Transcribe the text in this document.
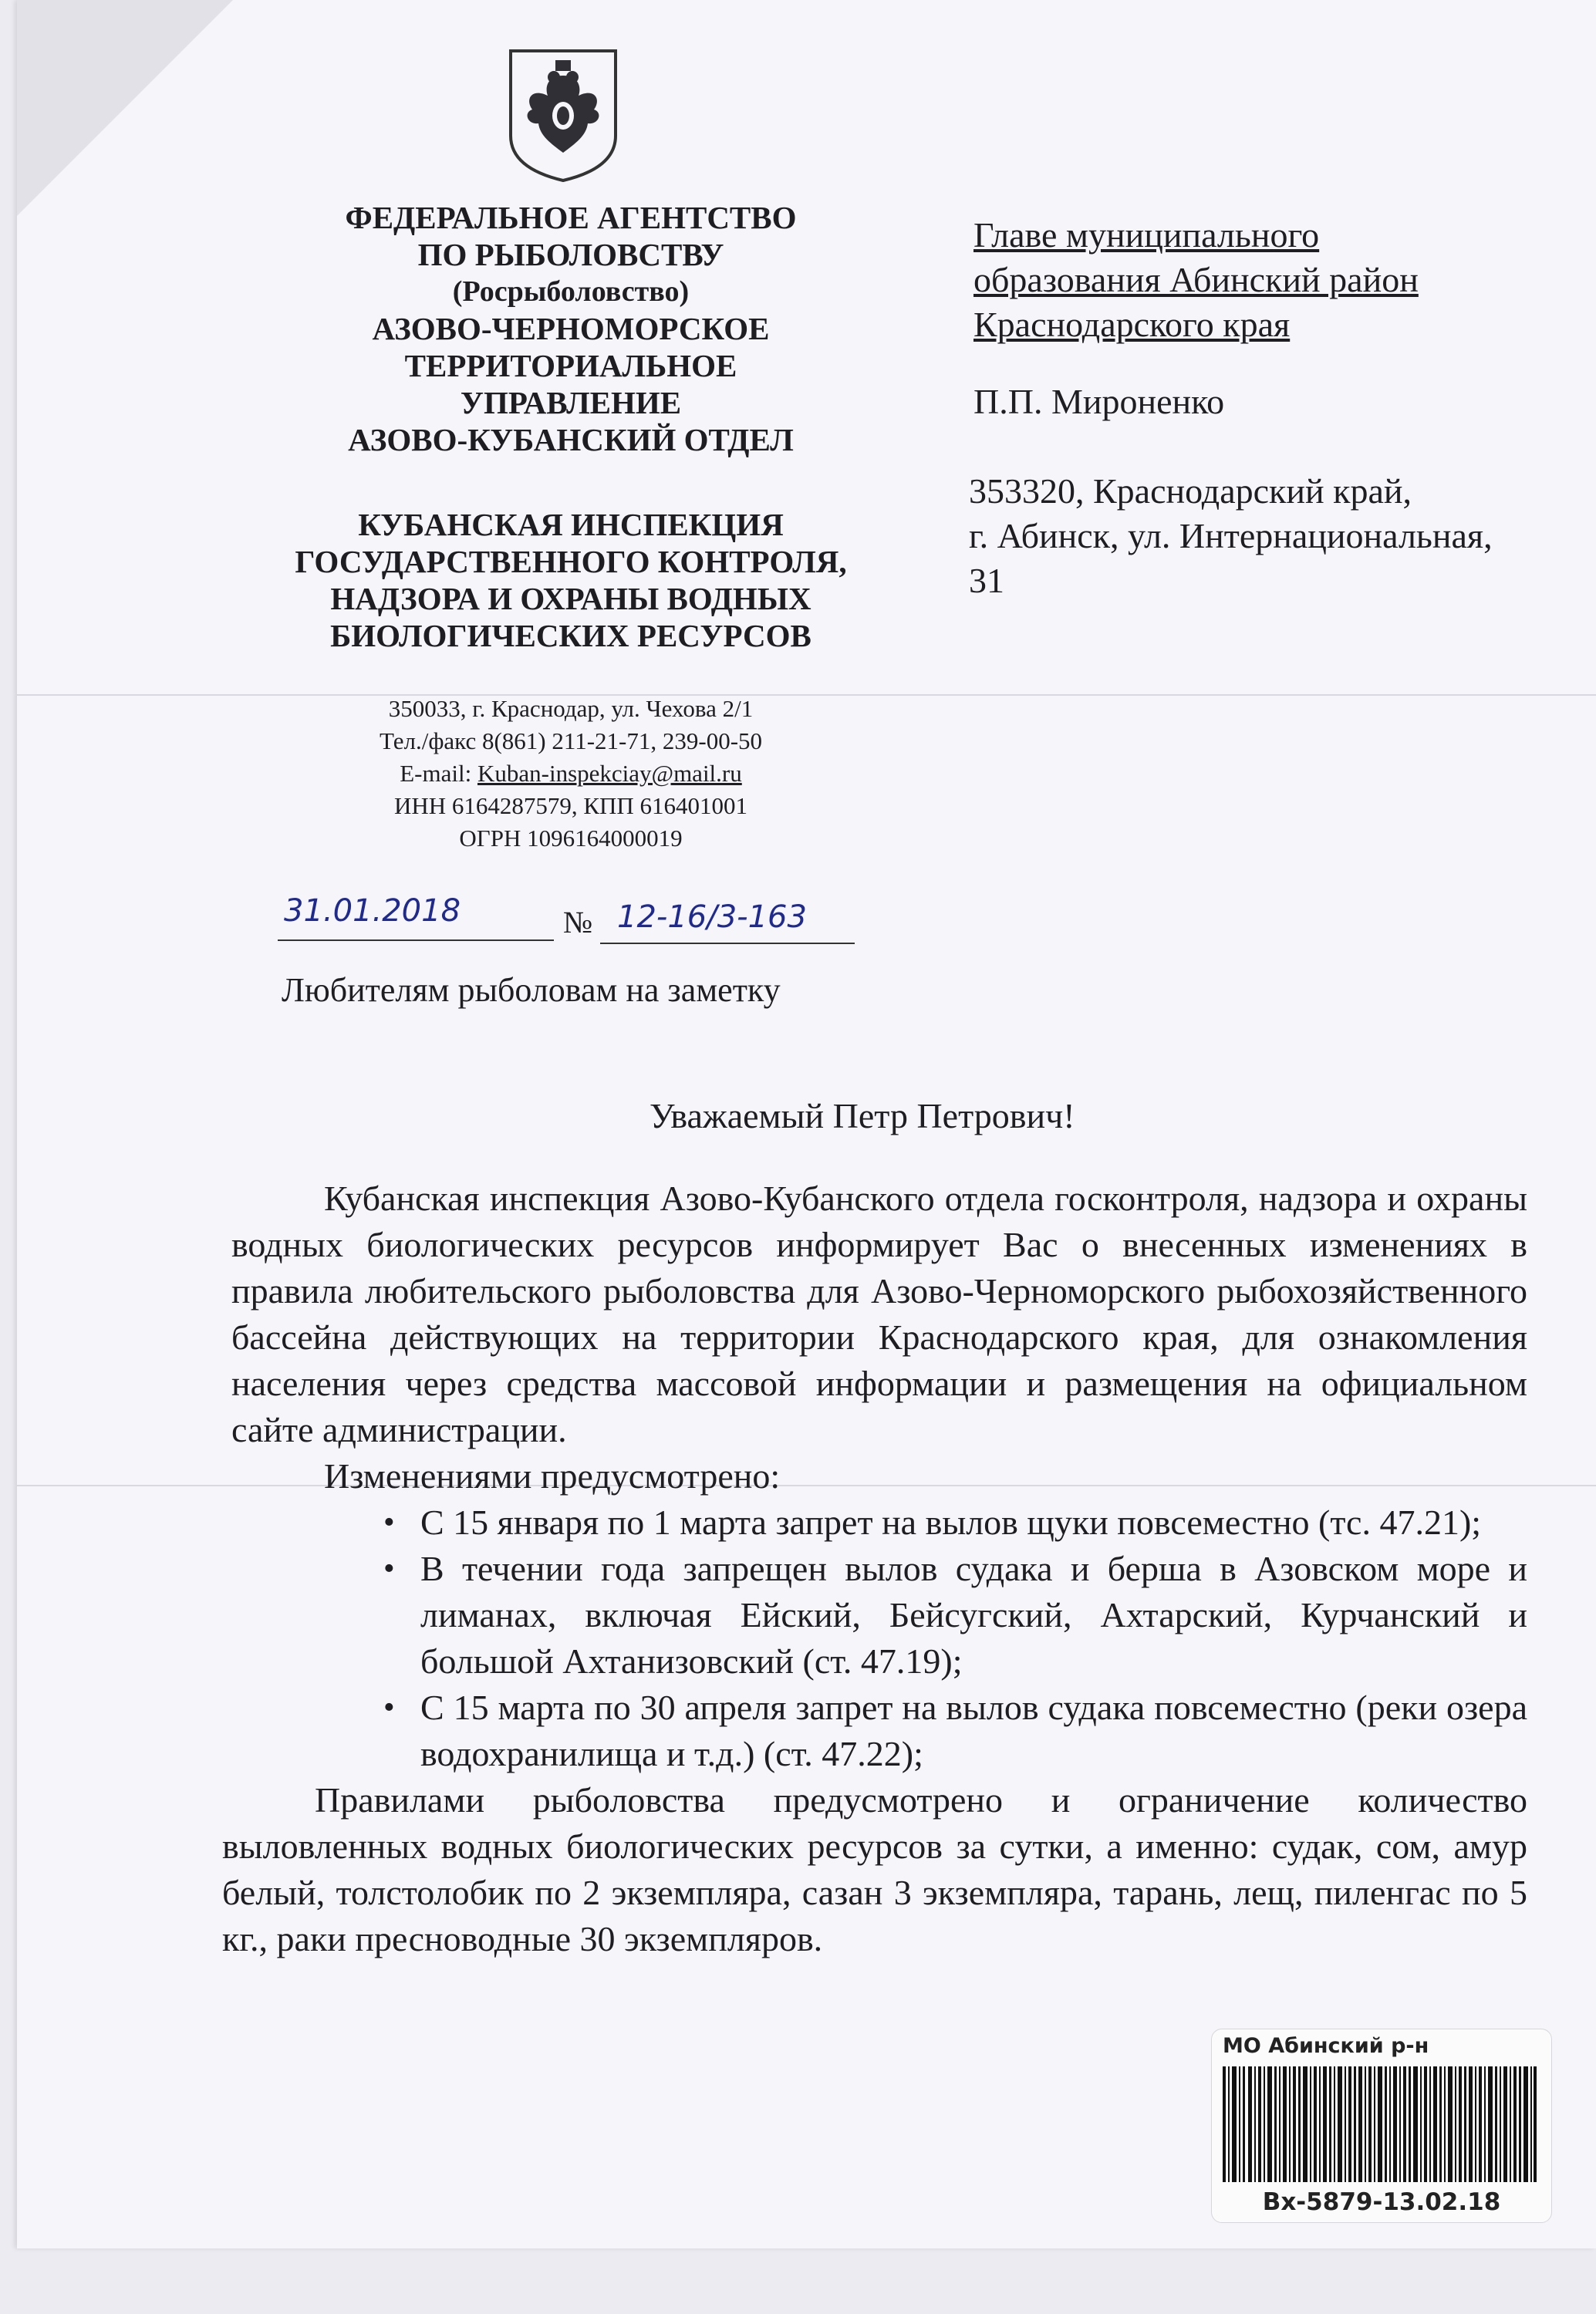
ФЕДЕРАЛЬНОЕ АГЕНТСТВО
ПО РЫБОЛОВСТВУ
(Росрыболовство)
АЗОВО-ЧЕРНОМОРСКОЕ
ТЕРРИТОРИАЛЬНОЕ
УПРАВЛЕНИЕ
АЗОВО-КУБАНСКИЙ ОТДЕЛ
КУБАНСКАЯ ИНСПЕКЦИЯ
ГОСУДАРСТВЕННОГО КОНТРОЛЯ,
НАДЗОРА И ОХРАНЫ ВОДНЫХ
БИОЛОГИЧЕСКИХ РЕСУРСОВ
350033, г. Краснодар, ул. Чехова 2/1
Тел./факс 8(861) 211-21-71, 239-00-50
E-mail: Kuban-inspekciay@mail.ru
ИНН 6164287579, КПП 616401001
ОГРН 1096164000019
Главе муниципального
образования Абинский район
Краснодарского края
П.П. Мироненко
353320, Краснодарский край,
г. Абинск, ул. Интернациональная,
31
31.01.2018	№ 12-16/3-163
Любителям рыболовам на заметку
Уважаемый Петр Петрович!

Кубанская инспекция Азово-Кубанского отдела госконтроля, надзора и охраны водных биологических ресурсов информирует Вас о внесенных изменениях в правила любительского рыболовства для Азово-Черноморского рыбохозяйственного бассейна действующих на территории Краснодарского края, для ознакомления населения через средства массовой информации и размещения на официальном сайте администрации.

Изменениями предусмотрено:

• С 15 января по 1 марта запрет на вылов щуки повсеместно (тс. 47.21);
• В течении года запрещен вылов судака и берша в Азовском море и лиманах, включая Ейский, Бейсугский, Ахтарский, Курчанский и большой Ахтанизовский (ст. 47.19);
• С 15 марта по 30 апреля запрет на вылов судака повсеместно (реки озера водохранилища и т.д.) (ст. 47.22);

Правилами рыболовства предусмотрено и ограничение количество выловленных водных биологических ресурсов за сутки, а именно: судак, сом, амур белый, толстолобик по 2 экземпляра, сазан 3 экземпляра, тарань, лещ, пиленгас по 5 кг., раки пресноводные 30 экземпляров.

МО Абинский р-н
Вх-5879-13.02.18
